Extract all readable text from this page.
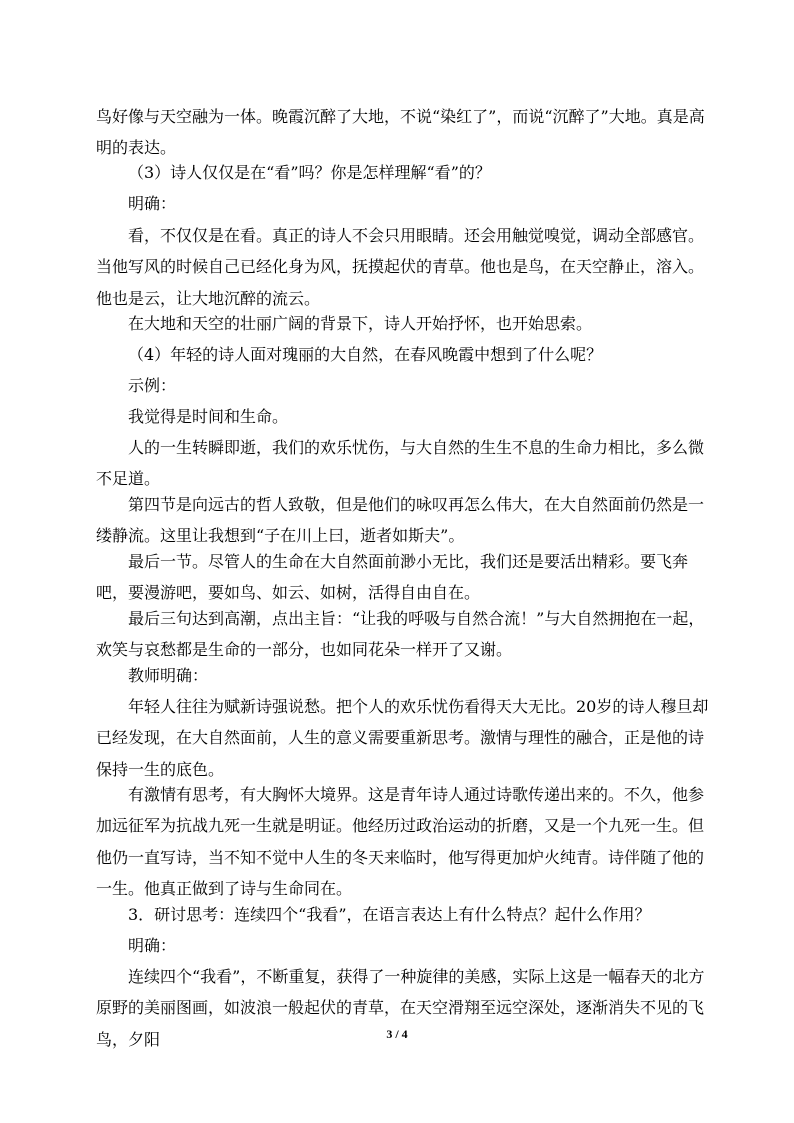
鸟好像与天空融为一体。晚霞沉醉了大地，不说“染红了”，而说“沉醉了”大地。真是高明的表达。

（3）诗人仅仅是在“看”吗？你是怎样理解“看”的？

明确：

看，不仅仅是在看。真正的诗人不会只用眼睛。还会用触觉嗅觉，调动全部感官。当他写风的时候自己已经化身为风，抚摸起伏的青草。他也是鸟，在天空静止，溶入。他也是云，让大地沉醉的流云。

在大地和天空的壮丽广阔的背景下，诗人开始抒怀，也开始思索。

（4）年轻的诗人面对瑰丽的大自然，在春风晚霞中想到了什么呢？

示例：

我觉得是时间和生命。

人的一生转瞬即逝，我们的欢乐忧伤，与大自然的生生不息的生命力相比，多么微不足道。

第四节是向远古的哲人致敬，但是他们的咏叹再怎么伟大，在大自然面前仍然是一缕静流。这里让我想到“子在川上曰，逝者如斯夫”。

最后一节。尽管人的生命在大自然面前渺小无比，我们还是要活出精彩。要飞奔吧，要漫游吧，要如鸟、如云、如树，活得自由自在。

最后三句达到高潮，点出主旨：“让我的呼吸与自然合流！”与大自然拥抱在一起，欢笑与哀愁都是生命的一部分，也如同花朵一样开了又谢。

教师明确：

年轻人往往为赋新诗强说愁。把个人的欢乐忧伤看得天大无比。20岁的诗人穆旦却已经发现，在大自然面前，人生的意义需要重新思考。激情与理性的融合，正是他的诗保持一生的底色。

有激情有思考，有大胸怀大境界。这是青年诗人通过诗歌传递出来的。不久，他参加远征军为抗战九死一生就是明证。他经历过政治运动的折磨，又是一个九死一生。但他仍一直写诗，当不知不觉中人生的冬天来临时，他写得更加炉火纯青。诗伴随了他的一生。他真正做到了诗与生命同在。

3．研讨思考：连续四个“我看”，在语言表达上有什么特点？起什么作用？

明确：

连续四个“我看”，不断重复，获得了一种旋律的美感，实际上这是一幅春天的北方原野的美丽图画，如波浪一般起伏的青草，在天空滑翔至远空深处，逐渐消失不见的飞鸟，夕阳	3 / 4
